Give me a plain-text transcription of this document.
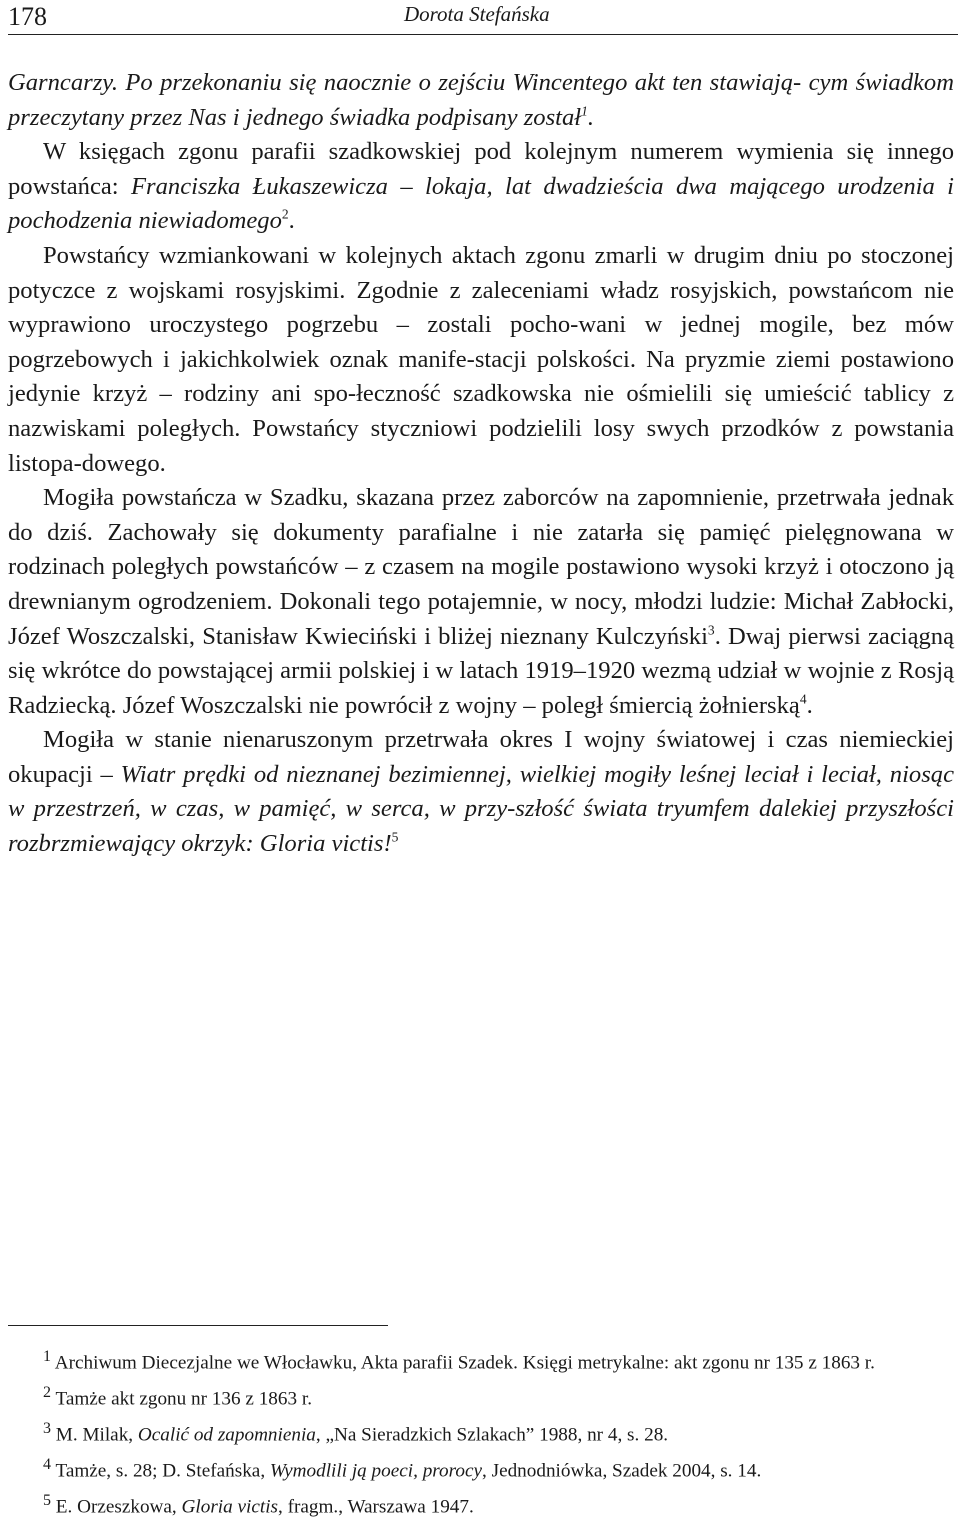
178	Dorota Stefańska

Garncarzy. Po przekonaniu się naocznie o zejściu Wincentego akt ten stawiają- cym świadkom przeczytany przez Nas i jednego świadka podpisany został$^1$.

W księgach zgonu parafii szadkowskiej pod kolejnym numerem wymienia się innego powstańca: Franciszka Łukaszewicza – lokaja, lat dwadzieścia dwa mającego urodzenia i pochodzenia niewiadomego$^2$.

Powstańcy wzmiankowani w kolejnych aktach zgonu zmarli w drugim dniu po stoczonej potyczce z wojskami rosyjskimi. Zgodnie z zaleceniami władz rosyjskich, powstańcom nie wyprawiono uroczystego pogrzebu – zostali pocho-wani w jednej mogile, bez mów pogrzebowych i jakichkolwiek oznak manife-stacji polskości. Na pryzmie ziemi postawiono jedynie krzyż – rodziny ani spo-łeczność szadkowska nie ośmielili się umieścić tablicy z nazwiskami poległych. Powstańcy styczniowi podzielili losy swych przodków z powstania listopa-dowego.

Mogiła powstańcza w Szadku, skazana przez zaborców na zapomnienie, przetrwała jednak do dziś. Zachowały się dokumenty parafialne i nie zatarła się pamięć pielęgnowana w rodzinach poległych powstańców – z czasem na mogile postawiono wysoki krzyż i otoczono ją drewnianym ogrodzeniem. Dokonali tego potajemnie, w nocy, młodzi ludzie: Michał Zabłocki, Józef Woszczalski, Stanisław Kwieciński i bliżej nieznany Kulczyński$^3$. Dwaj pierwsi zaciągną się wkrótce do powstającej armii polskiej i w latach 1919–1920 wezmą udział w wojnie z Rosją Radziecką. Józef Woszczalski nie powrócił z wojny – poległ śmiercią żołnierską$^4$.

Mogiła w stanie nienaruszonym przetrwała okres I wojny światowej i czas niemieckiej okupacji – Wiatr prędki od nieznanej bezimiennej, wielkiej mogiły leśnej leciał i leciał, niosąc w przestrzeń, w czas, w pamięć, w serca, w przy-szłość świata tryumfem dalekiej przyszłości rozbrzmiewający okrzyk: Gloria victis!$^5$

$^1$ Archiwum Diecezjalne we Włocławku, Akta parafii Szadek. Księgi metrykalne: akt zgonu nr 135 z 1863 r.

$^2$ Tamże akt zgonu nr 136 z 1863 r.

$^3$ M. Milak, Ocalić od zapomnienia, „Na Sieradzkich Szlakach” 1988, nr 4, s. 28.

$^4$ Tamże, s. 28; D. Stefańska, Wymodlili ją poeci, prorocy, Jednodniówka, Szadek 2004, s. 14.

$^5$ E. Orzeszkowa, Gloria victis, fragm., Warszawa 1947.
